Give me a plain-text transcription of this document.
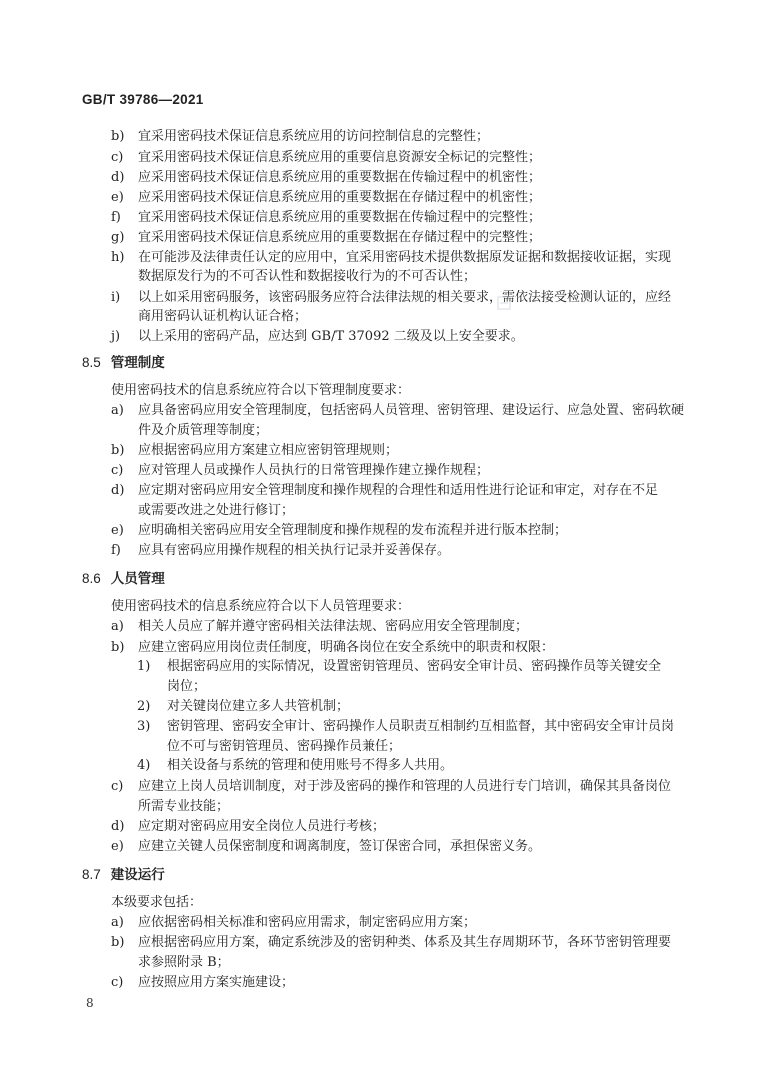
GB/T 39786—2021
b) 宜采用密码技术保证信息系统应用的访问控制信息的完整性；
c) 宜采用密码技术保证信息系统应用的重要信息资源安全标记的完整性；
d) 应采用密码技术保证信息系统应用的重要数据在传输过程中的机密性；
e) 应采用密码技术保证信息系统应用的重要数据在存储过程中的机密性；
f) 宜采用密码技术保证信息系统应用的重要数据在传输过程中的完整性；
g) 宜采用密码技术保证信息系统应用的重要数据在存储过程中的完整性；
h) 在可能涉及法律责任认定的应用中，宜采用密码技术提供数据原发证据和数据接收证据，实现
数据原发行为的不可否认性和数据接收行为的不可否认性；
i) 以上如采用密码服务，该密码服务应符合法律法规的相关要求，需依法接受检测认证的，应经
商用密码认证机构认证合格；
j) 以上采用的密码产品，应达到 GB/T 37092 二级及以上安全要求。
8.5 管理制度
使用密码技术的信息系统应符合以下管理制度要求：
a) 应具备密码应用安全管理制度，包括密码人员管理、密钥管理、建设运行、应急处置、密码软硬
件及介质管理等制度；
b) 应根据密码应用方案建立相应密钥管理规则；
c) 应对管理人员或操作人员执行的日常管理操作建立操作规程；
d) 应定期对密码应用安全管理制度和操作规程的合理性和适用性进行论证和审定，对存在不足
或需要改进之处进行修订；
e) 应明确相关密码应用安全管理制度和操作规程的发布流程并进行版本控制；
f) 应具有密码应用操作规程的相关执行记录并妥善保存。
8.6 人员管理
使用密码技术的信息系统应符合以下人员管理要求：
a) 相关人员应了解并遵守密码相关法律法规、密码应用安全管理制度；
b) 应建立密码应用岗位责任制度，明确各岗位在安全系统中的职责和权限：
1) 根据密码应用的实际情况，设置密钥管理员、密码安全审计员、密码操作员等关键安全
岗位；
2) 对关键岗位建立多人共管机制；
3) 密钥管理、密码安全审计、密码操作人员职责互相制约互相监督，其中密码安全审计员岗
位不可与密钥管理员、密码操作员兼任；
4) 相关设备与系统的管理和使用账号不得多人共用。
c) 应建立上岗人员培训制度，对于涉及密码的操作和管理的人员进行专门培训，确保其具备岗位
所需专业技能；
d) 应定期对密码应用安全岗位人员进行考核；
e) 应建立关键人员保密制度和调离制度，签订保密合同，承担保密义务。
8.7 建设运行
本级要求包括：
a) 应依据密码相关标准和密码应用需求，制定密码应用方案；
b) 应根据密码应用方案，确定系统涉及的密钥种类、体系及其生存周期环节，各环节密钥管理要
求参照附录 B；
c) 应按照应用方案实施建设；
8
